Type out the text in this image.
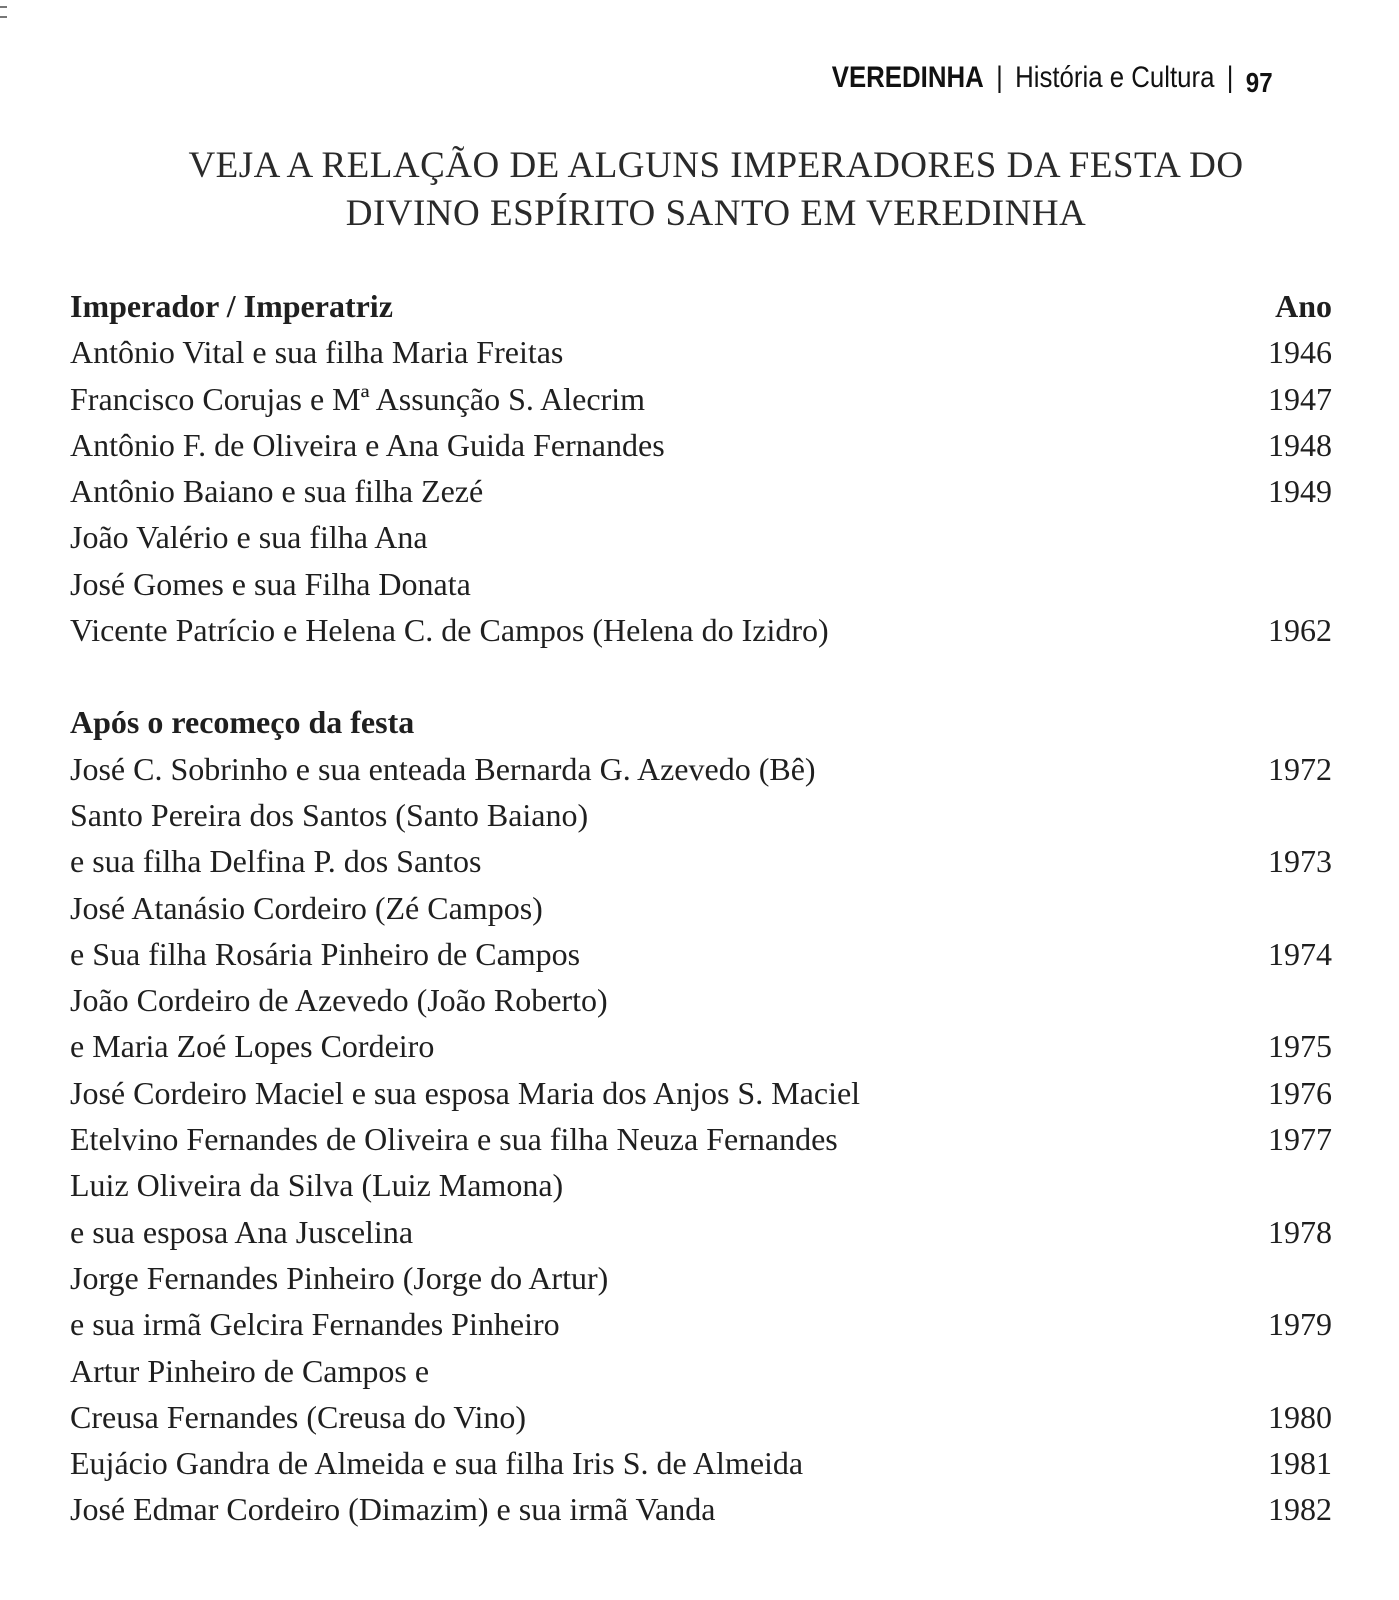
VEREDINHA | História e Cultura | 97
VEJA A RELAÇÃO DE ALGUNS IMPERADORES DA FESTA DO
DIVINO ESPÍRITO SANTO EM VEREDINHA
Imperador / Imperatriz	Ano
Antônio Vital e sua filha Maria Freitas	1946
Francisco Corujas e Mª Assunção S. Alecrim	1947
Antônio F. de Oliveira e Ana Guida Fernandes	1948
Antônio Baiano e sua filha Zezé	1949
João Valério e sua filha Ana
José Gomes e sua Filha Donata
Vicente Patrício e Helena C. de Campos (Helena do Izidro)	1962
Após o recomeço da festa
José C. Sobrinho e sua enteada Bernarda G. Azevedo (Bê)	1972
Santo Pereira dos Santos (Santo Baiano)
e sua filha Delfina P. dos Santos	1973
José Atanásio Cordeiro (Zé Campos)
e Sua filha Rosária Pinheiro de Campos	1974
João Cordeiro de Azevedo (João Roberto)
e Maria Zoé Lopes Cordeiro	1975
José Cordeiro Maciel e sua esposa Maria dos Anjos S. Maciel	1976
Etelvino Fernandes de Oliveira e sua filha Neuza Fernandes	1977
Luiz Oliveira da Silva (Luiz Mamona)
e sua esposa Ana Juscelina	1978
Jorge Fernandes Pinheiro (Jorge do Artur)
e sua irmã Gelcira Fernandes Pinheiro	1979
Artur Pinheiro de Campos e
Creusa Fernandes (Creusa do Vino)	1980
Eujácio Gandra de Almeida e sua filha Iris S. de Almeida	1981
José Edmar Cordeiro (Dimazim) e sua irmã Vanda	1982
